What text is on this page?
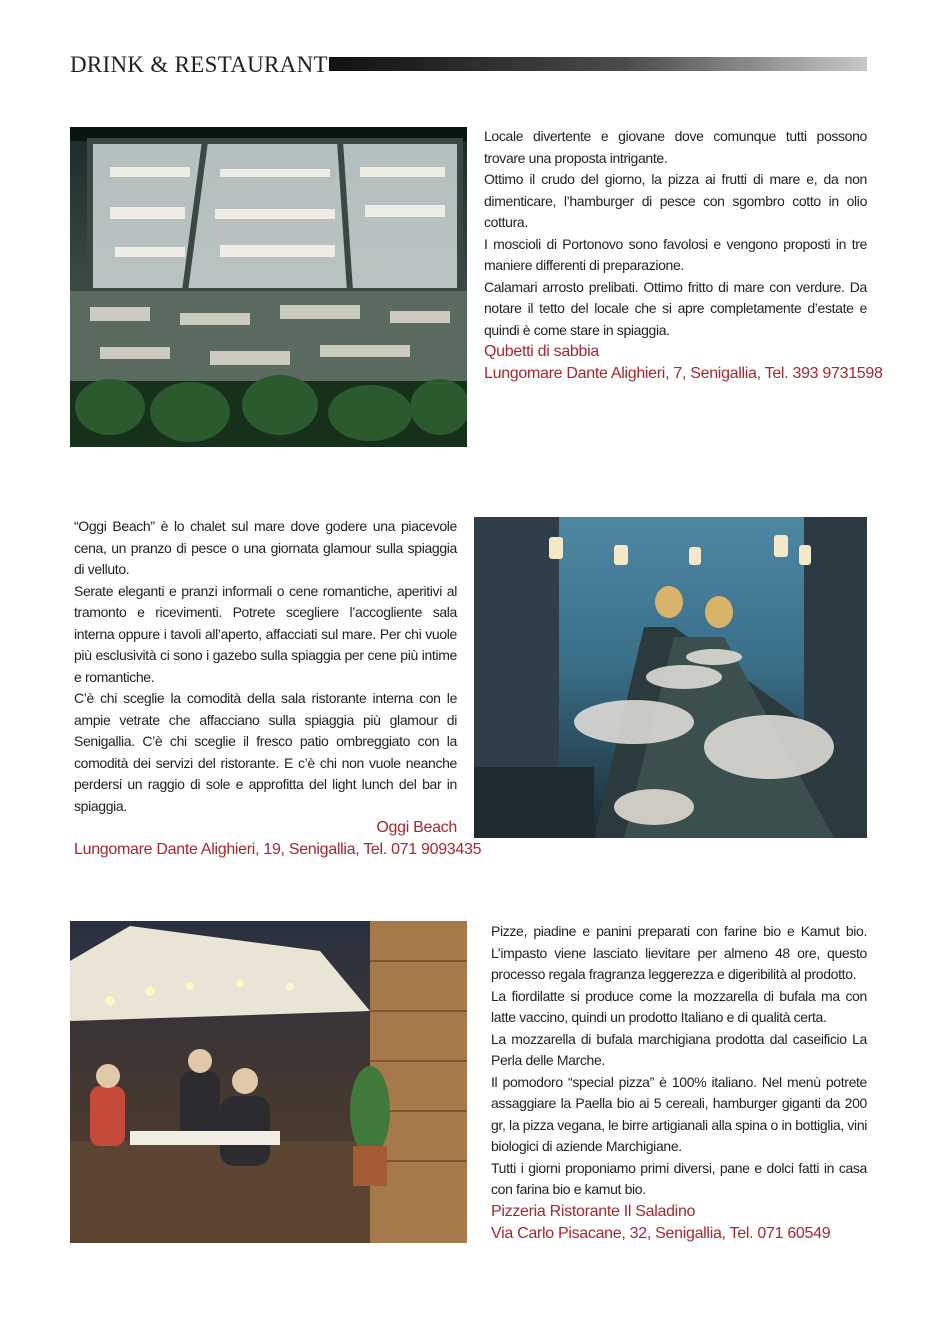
DRINK & RESTAURANT

Locale divertente e giovane dove comunque tutti possono trovare una proposta intrigante.

Ottimo il crudo del giorno, la pizza ai frutti di mare e, da non dimenticare, l’hamburger di pesce con sgombro cotto in olio cottura.

I moscioli di Portonovo sono favolosi e vengono proposti in tre maniere differenti di preparazione.

Calamari arrosto prelibati. Ottimo fritto di mare con verdure. Da notare il tetto del locale che si apre completamente d’estate e quindi è come stare in spiaggia.

Qubetti di sabbia

Lungomare Dante Alighieri, 7, Senigallia, Tel. 393 9731598

“Oggi Beach” è lo chalet sul mare dove godere una piacevole cena, un pranzo di pesce o una giornata glamour sulla spiaggia di velluto.

Serate eleganti e pranzi informali o cene romantiche, aperitivi al tramonto e ricevimenti. Potrete scegliere l’accogliente sala interna oppure i tavoli all’aperto, affacciati sul mare. Per chi vuole più esclusività ci sono i gazebo sulla spiaggia per cene più intime e romantiche.

C’è chi sceglie la comodità della sala ristorante interna con le ampie vetrate che affacciano sulla spiaggia più glamour di Senigallia. C’è chi sceglie il fresco patio ombreggiato con la comodità dei servizi del ristorante. E c’è chi non vuole neanche perdersi un raggio di sole e approfitta del light lunch del bar in spiaggia.

Oggi Beach

Lungomare Dante Alighieri, 19, Senigallia, Tel. 071 9093435

Pizze, piadine e panini preparati con farine bio e Kamut bio. L’impasto viene lasciato lievitare per almeno 48 ore, questo processo regala fragranza leggerezza e digeribilità al prodotto.

La fiordilatte si produce come la mozzarella di bufala ma con latte vaccino, quindi un prodotto Italiano e di qualità certa.

La mozzarella di bufala marchigiana prodotta dal caseificio La Perla delle Marche.

Il pomodoro “special pizza” è 100% italiano. Nel menù potrete assaggiare la Paella bio ai 5 cereali, hamburger giganti da 200 gr, la pizza vegana, le birre artigianali alla spina o in bottiglia, vini biologici di aziende Marchigiane.

Tutti i giorni proponiamo primi diversi, pane e dolci fatti in casa con farina bio e kamut bio.

Pizzeria Ristorante Il Saladino

Via Carlo Pisacane, 32, Senigallia, Tel. 071 60549
